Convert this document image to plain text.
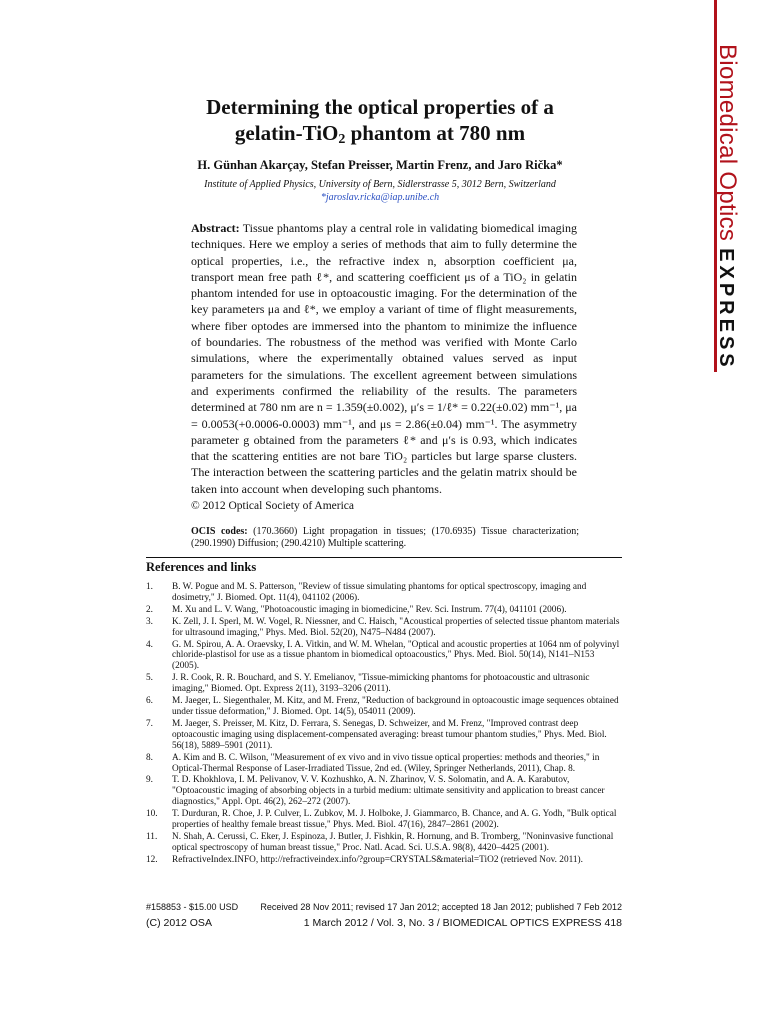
Biomedical Optics EXPRESS
Determining the optical properties of a
gelatin-TiO$_2$ phantom at 780 nm
H. Günhan Akarçay, Stefan Preisser, Martin Frenz, and Jaro Rička*
Institute of Applied Physics, University of Bern, Sidlerstrasse 5, 3012 Bern, Switzerland
*jaroslav.ricka@iap.unibe.ch
Abstract: Tissue phantoms play a central role in validating biomedical imaging techniques. Here we employ a series of methods that aim to fully determine the optical properties, i.e., the refractive index n, absorption coefficient μa, transport mean free path ℓ*, and scattering coefficient μs of a TiO₂ in gelatin phantom intended for use in optoacoustic imaging. For the determination of the key parameters μa and ℓ*, we employ a variant of time of flight measurements, where fiber optodes are immersed into the phantom to minimize the influence of boundaries. The robustness of the method was verified with Monte Carlo simulations, where the experimentally obtained values served as input parameters for the simulations. The excellent agreement between simulations and experiments confirmed the reliability of the results. The parameters determined at 780 nm are n = 1.359(±0.002), μ′s = 1/ℓ* = 0.22(±0.02) mm⁻¹, μa = 0.0053(+0.0006-0.0003) mm⁻¹, and μs = 2.86(±0.04) mm⁻¹. The asymmetry parameter g obtained from the parameters ℓ* and μ′s is 0.93, which indicates that the scattering entities are not bare TiO₂ particles but large sparse clusters. The interaction between the scattering particles and the gelatin matrix should be taken into account when developing such phantoms.
© 2012 Optical Society of America
OCIS codes: (170.3660) Light propagation in tissues; (170.6935) Tissue characterization; (290.1990) Diffusion; (290.4210) Multiple scattering.
References and links
1.	B. W. Pogue and M. S. Patterson, "Review of tissue simulating phantoms for optical spectroscopy, imaging and dosimetry," J. Biomed. Opt. 11(4), 041102 (2006).
2.	M. Xu and L. V. Wang, "Photoacoustic imaging in biomedicine," Rev. Sci. Instrum. 77(4), 041101 (2006).
3.	K. Zell, J. I. Sperl, M. W. Vogel, R. Niessner, and C. Haisch, "Acoustical properties of selected tissue phantom materials for ultrasound imaging," Phys. Med. Biol. 52(20), N475–N484 (2007).
4.	G. M. Spirou, A. A. Oraevsky, I. A. Vitkin, and W. M. Whelan, "Optical and acoustic properties at 1064 nm of polyvinyl chloride-plastisol for use as a tissue phantom in biomedical optoacoustics," Phys. Med. Biol. 50(14), N141–N153 (2005).
5.	J. R. Cook, R. R. Bouchard, and S. Y. Emelianov, "Tissue-mimicking phantoms for photoacoustic and ultrasonic imaging," Biomed. Opt. Express 2(11), 3193–3206 (2011).
6.	M. Jaeger, L. Siegenthaler, M. Kitz, and M. Frenz, "Reduction of background in optoacoustic image sequences obtained under tissue deformation," J. Biomed. Opt. 14(5), 054011 (2009).
7.	M. Jaeger, S. Preisser, M. Kitz, D. Ferrara, S. Senegas, D. Schweizer, and M. Frenz, "Improved contrast deep optoacoustic imaging using displacement-compensated averaging: breast tumour phantom studies," Phys. Med. Biol. 56(18), 5889–5901 (2011).
8.	A. Kim and B. C. Wilson, "Measurement of ex vivo and in vivo tissue optical properties: methods and theories," in Optical-Thermal Response of Laser-Irradiated Tissue, 2nd ed. (Wiley, Springer Netherlands, 2011), Chap. 8.
9.	T. D. Khokhlova, I. M. Pelivanov, V. V. Kozhushko, A. N. Zharinov, V. S. Solomatin, and A. A. Karabutov, "Optoacoustic imaging of absorbing objects in a turbid medium: ultimate sensitivity and application to breast cancer diagnostics," Appl. Opt. 46(2), 262–272 (2007).
10.	T. Durduran, R. Choe, J. P. Culver, L. Zubkov, M. J. Holboke, J. Giammarco, B. Chance, and A. G. Yodh, "Bulk optical properties of healthy female breast tissue," Phys. Med. Biol. 47(16), 2847–2861 (2002).
11.	N. Shah, A. Cerussi, C. Eker, J. Espinoza, J. Butler, J. Fishkin, R. Hornung, and B. Tromberg, "Noninvasive functional optical spectroscopy of human breast tissue," Proc. Natl. Acad. Sci. U.S.A. 98(8), 4420–4425 (2001).
12.	RefractiveIndex.INFO, http://refractiveindex.info/?group=CRYSTALS&material=TiO2 (retrieved Nov. 2011).
#158853 - $15.00 USD Received 28 Nov 2011; revised 17 Jan 2012; accepted 18 Jan 2012; published 7 Feb 2012
(C) 2012 OSA	1 March 2012 / Vol. 3, No. 3 / BIOMEDICAL OPTICS EXPRESS 418
